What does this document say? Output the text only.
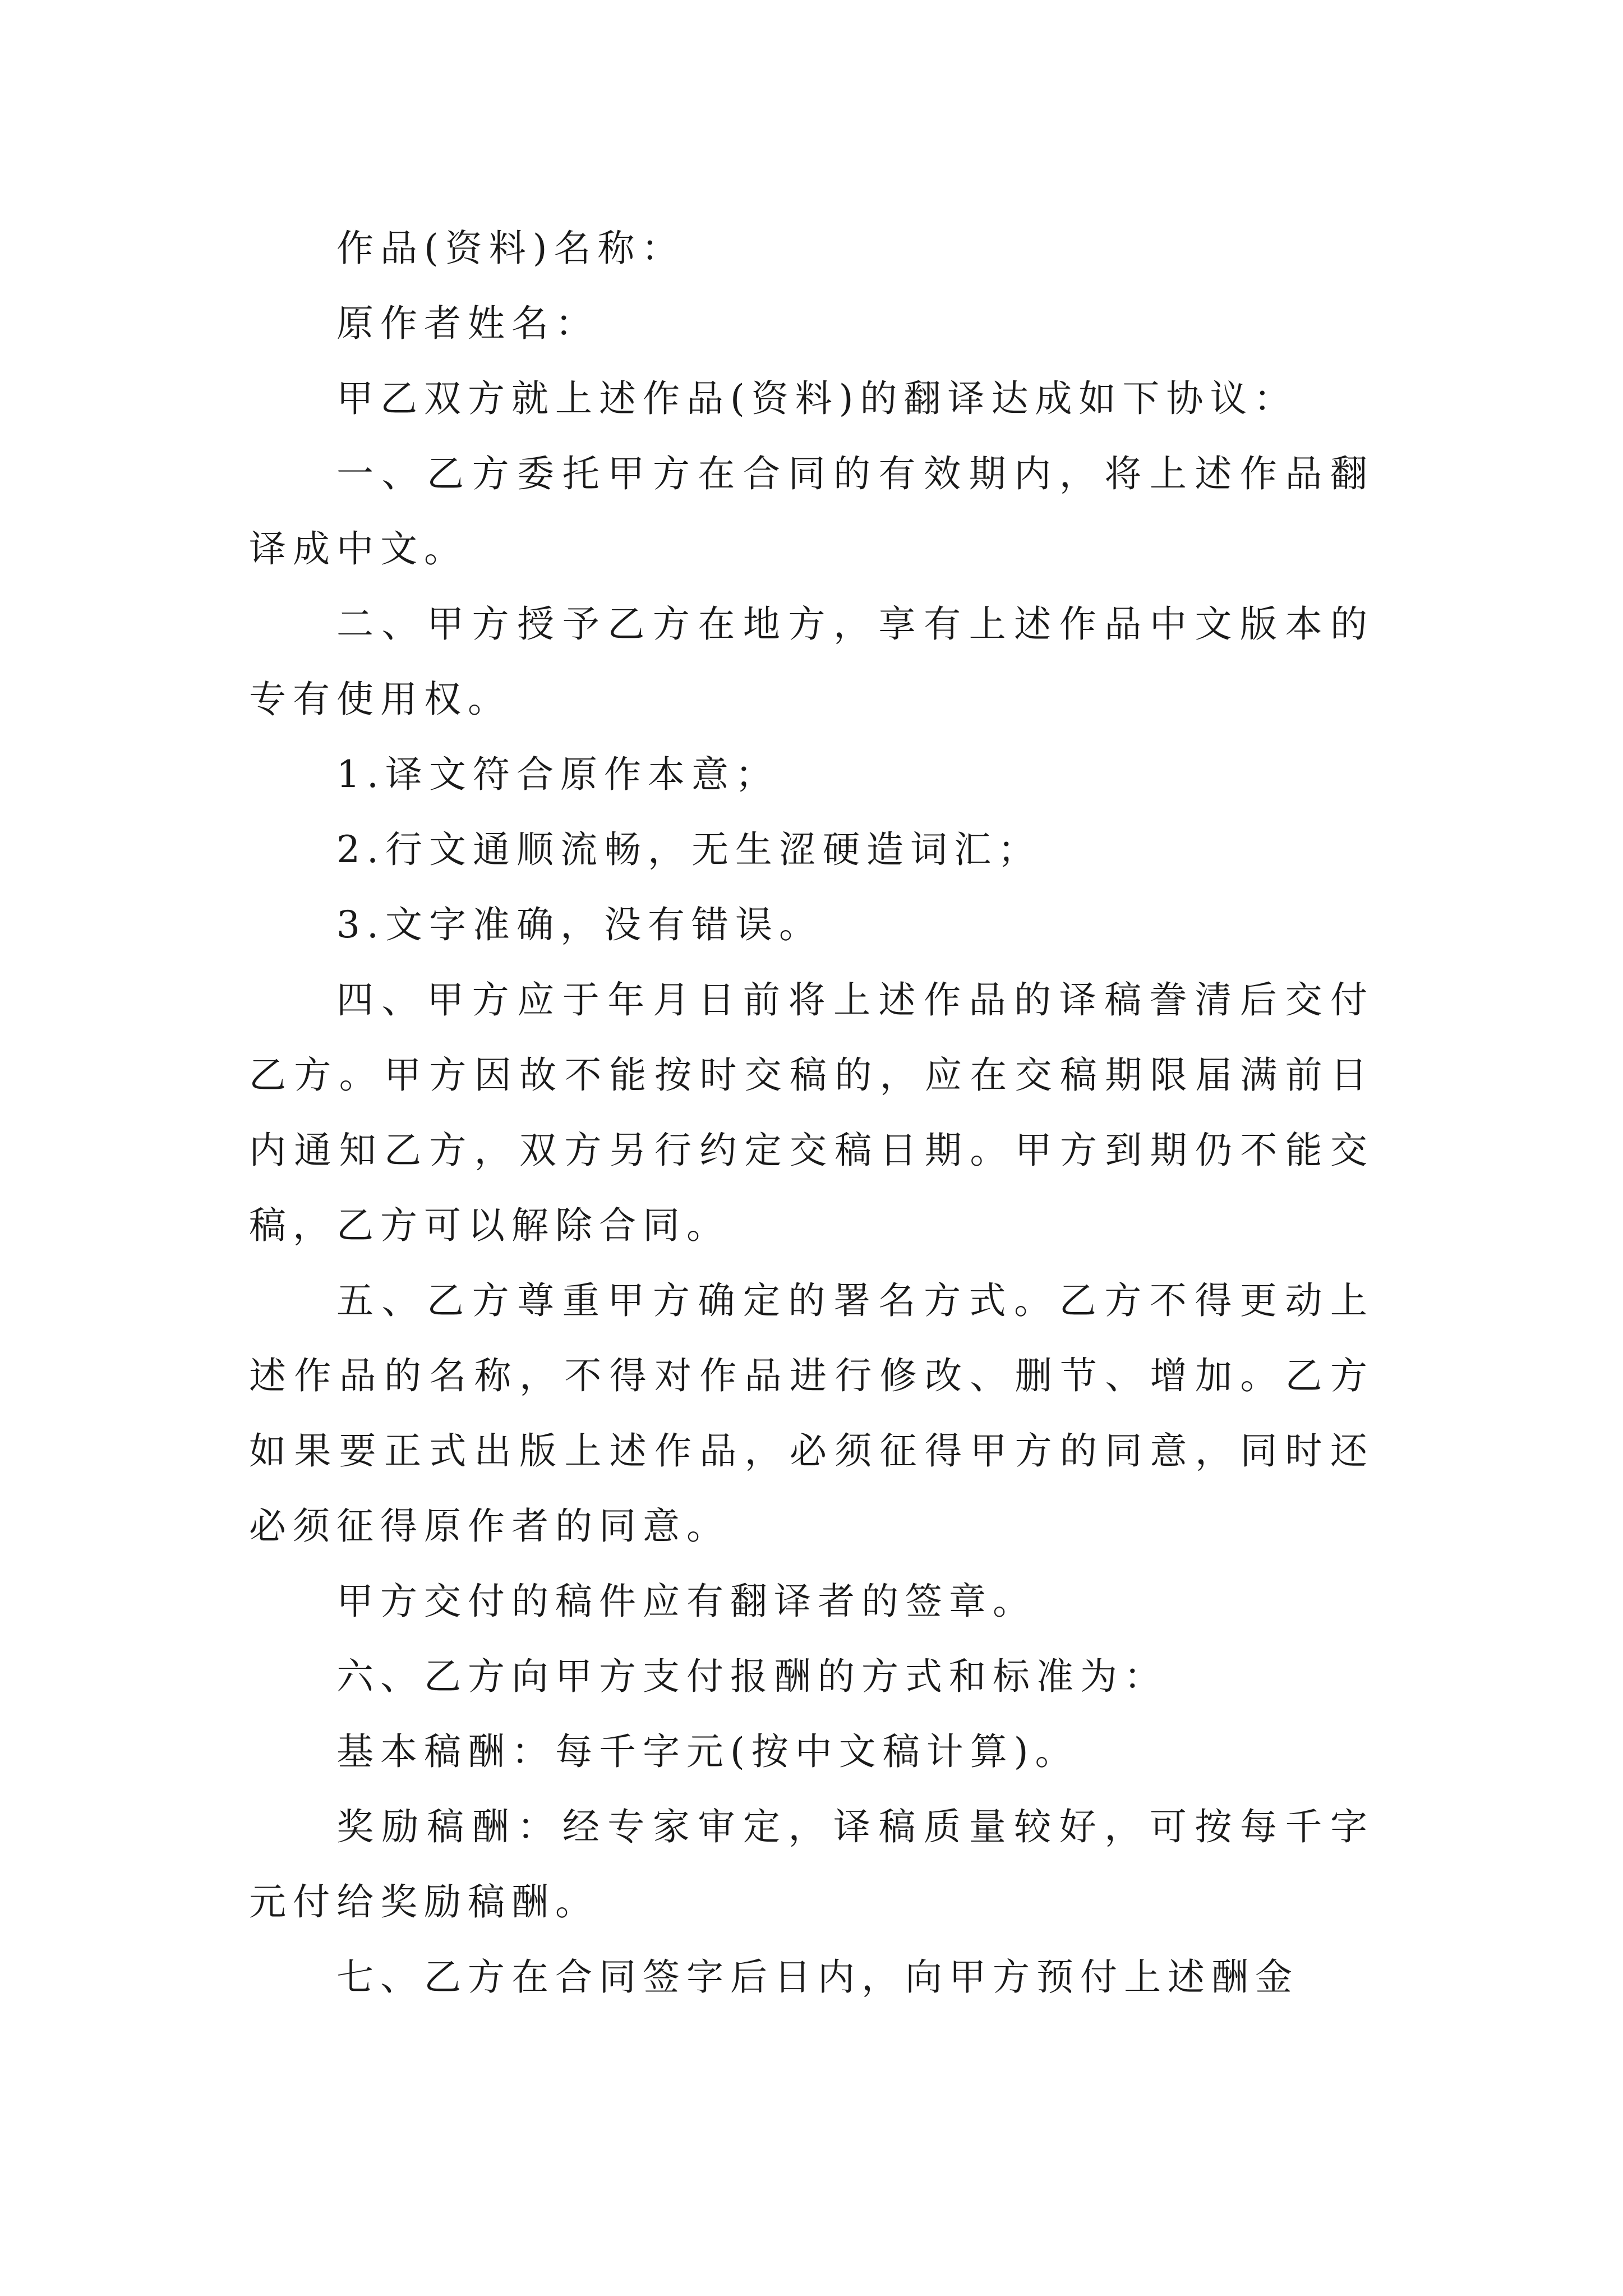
作品(资料)名称：

原作者姓名：

甲乙双方就上述作品(资料)的翻译达成如下协议：

一、乙方委托甲方在合同的有效期内，将上述作品翻译成中文。

二、甲方授予乙方在地方，享有上述作品中文版本的专有使用权。

1.译文符合原作本意；

2.行文通顺流畅，无生涩硬造词汇；

3.文字准确，没有错误。

四、甲方应于年月日前将上述作品的译稿誊清后交付乙方。甲方因故不能按时交稿的，应在交稿期限届满前日内通知乙方，双方另行约定交稿日期。甲方到期仍不能交稿，乙方可以解除合同。

五、乙方尊重甲方确定的署名方式。乙方不得更动上述作品的名称，不得对作品进行修改、删节、增加。乙方如果要正式出版上述作品，必须征得甲方的同意，同时还必须征得原作者的同意。

甲方交付的稿件应有翻译者的签章。

六、乙方向甲方支付报酬的方式和标准为：

基本稿酬：每千字元(按中文稿计算)。

奖励稿酬：经专家审定，译稿质量较好，可按每千字元付给奖励稿酬。

七、乙方在合同签字后日内，向甲方预付上述酬金
